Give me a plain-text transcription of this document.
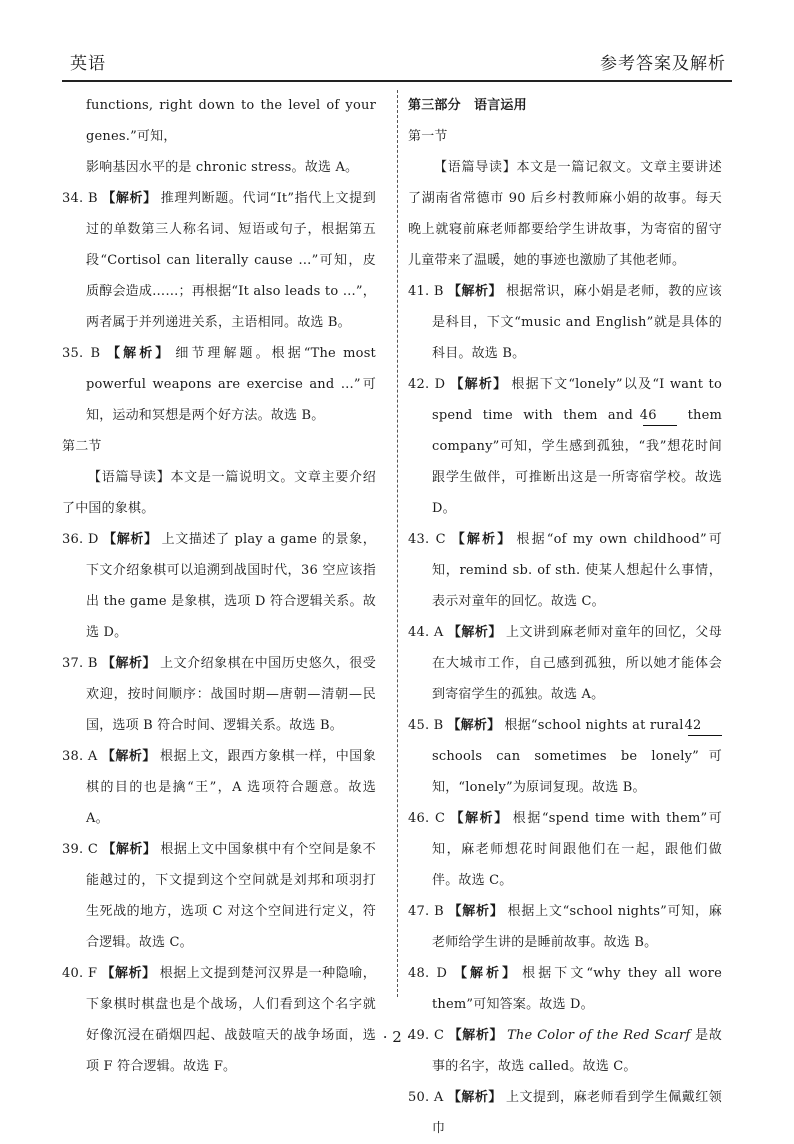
英语	参考答案及解析

functions, right down to the level of your genes.”可知，

影响基因水平的是 chronic stress。故选 A。

34. B 【解析】 推理判断题。代词“It”指代上文提到过的单数第三人称名词、短语或句子，根据第五段“Cortisol can literally cause …”可知，皮质醇会造成……；再根据“It also leads to …”，两者属于并列递进关系，主语相同。故选 B。

35. B 【解析】 细节理解题。根据“The most powerful weapons are exercise and …”可知，运动和冥想是两个好方法。故选 B。

第二节

【语篇导读】本文是一篇说明文。文章主要介绍了中国的象棋。

36. D 【解析】 上文描述了 play a game 的景象，下文介绍象棋可以追溯到战国时代，36 空应该指出 the game 是象棋，选项 D 符合逻辑关系。故选 D。

37. B 【解析】 上文介绍象棋在中国历史悠久，很受欢迎，按时间顺序：战国时期—唐朝—清朝—民国，选项 B 符合时间、逻辑关系。故选 B。

38. A 【解析】 根据上文，跟西方象棋一样，中国象棋的目的也是擒“王”，A 选项符合题意。故选 A。

39. C 【解析】 根据上文中国象棋中有个空间是象不能越过的，下文提到这个空间就是刘邦和项羽打生死战的地方，选项 C 对这个空间进行定义，符合逻辑。故选 C。

40. F 【解析】 根据上文提到楚河汉界是一种隐喻，下象棋时棋盘也是个战场，人们看到这个名字就好像沉浸在硝烟四起、战鼓喧天的战争场面，选项 F 符合逻辑。故选 F。

第三部分　语言运用

第一节

【语篇导读】本文是一篇记叙文。文章主要讲述了湖南省常德市 90 后乡村教师麻小娟的故事。每天晚上就寝前麻老师都要给学生讲故事，为寄宿的留守儿童带来了温暖，她的事迹也激励了其他老师。

41. B 【解析】 根据常识，麻小娟是老师，教的应该是科目，下文“music and English”就是具体的科目。故选 B。

42. D 【解析】 根据下文“lonely”以及“I want to spend time with them and 46 them company”可知，学生感到孤独，“我”想花时间跟学生做伴，可推断出这是一所寄宿学校。故选 D。

43. C 【解析】 根据“of my own childhood”可知，remind sb. of sth. 使某人想起什么事情，表示对童年的回忆。故选 C。

44. A 【解析】 上文讲到麻老师对童年的回忆，父母在大城市工作，自己感到孤独，所以她才能体会到寄宿学生的孤独。故选 A。

45. B 【解析】 根据“school nights at rural 42 schools can sometimes be lonely”可知，“lonely”为原词复现。故选 B。

46. C 【解析】 根据“spend time with them”可知，麻老师想花时间跟他们在一起，跟他们做伴。故选 C。

47. B 【解析】 根据上文“school nights”可知，麻老师给学生讲的是睡前故事。故选 B。

48. D 【解析】 根据下文“why they all wore them”可知答案。故选 D。

49. C 【解析】 The Color of the Red Scarf 是故事的名字，故选 called。故选 C。

50. A 【解析】 上文提到，麻老师看到学生佩戴红领巾

· 2 ·
